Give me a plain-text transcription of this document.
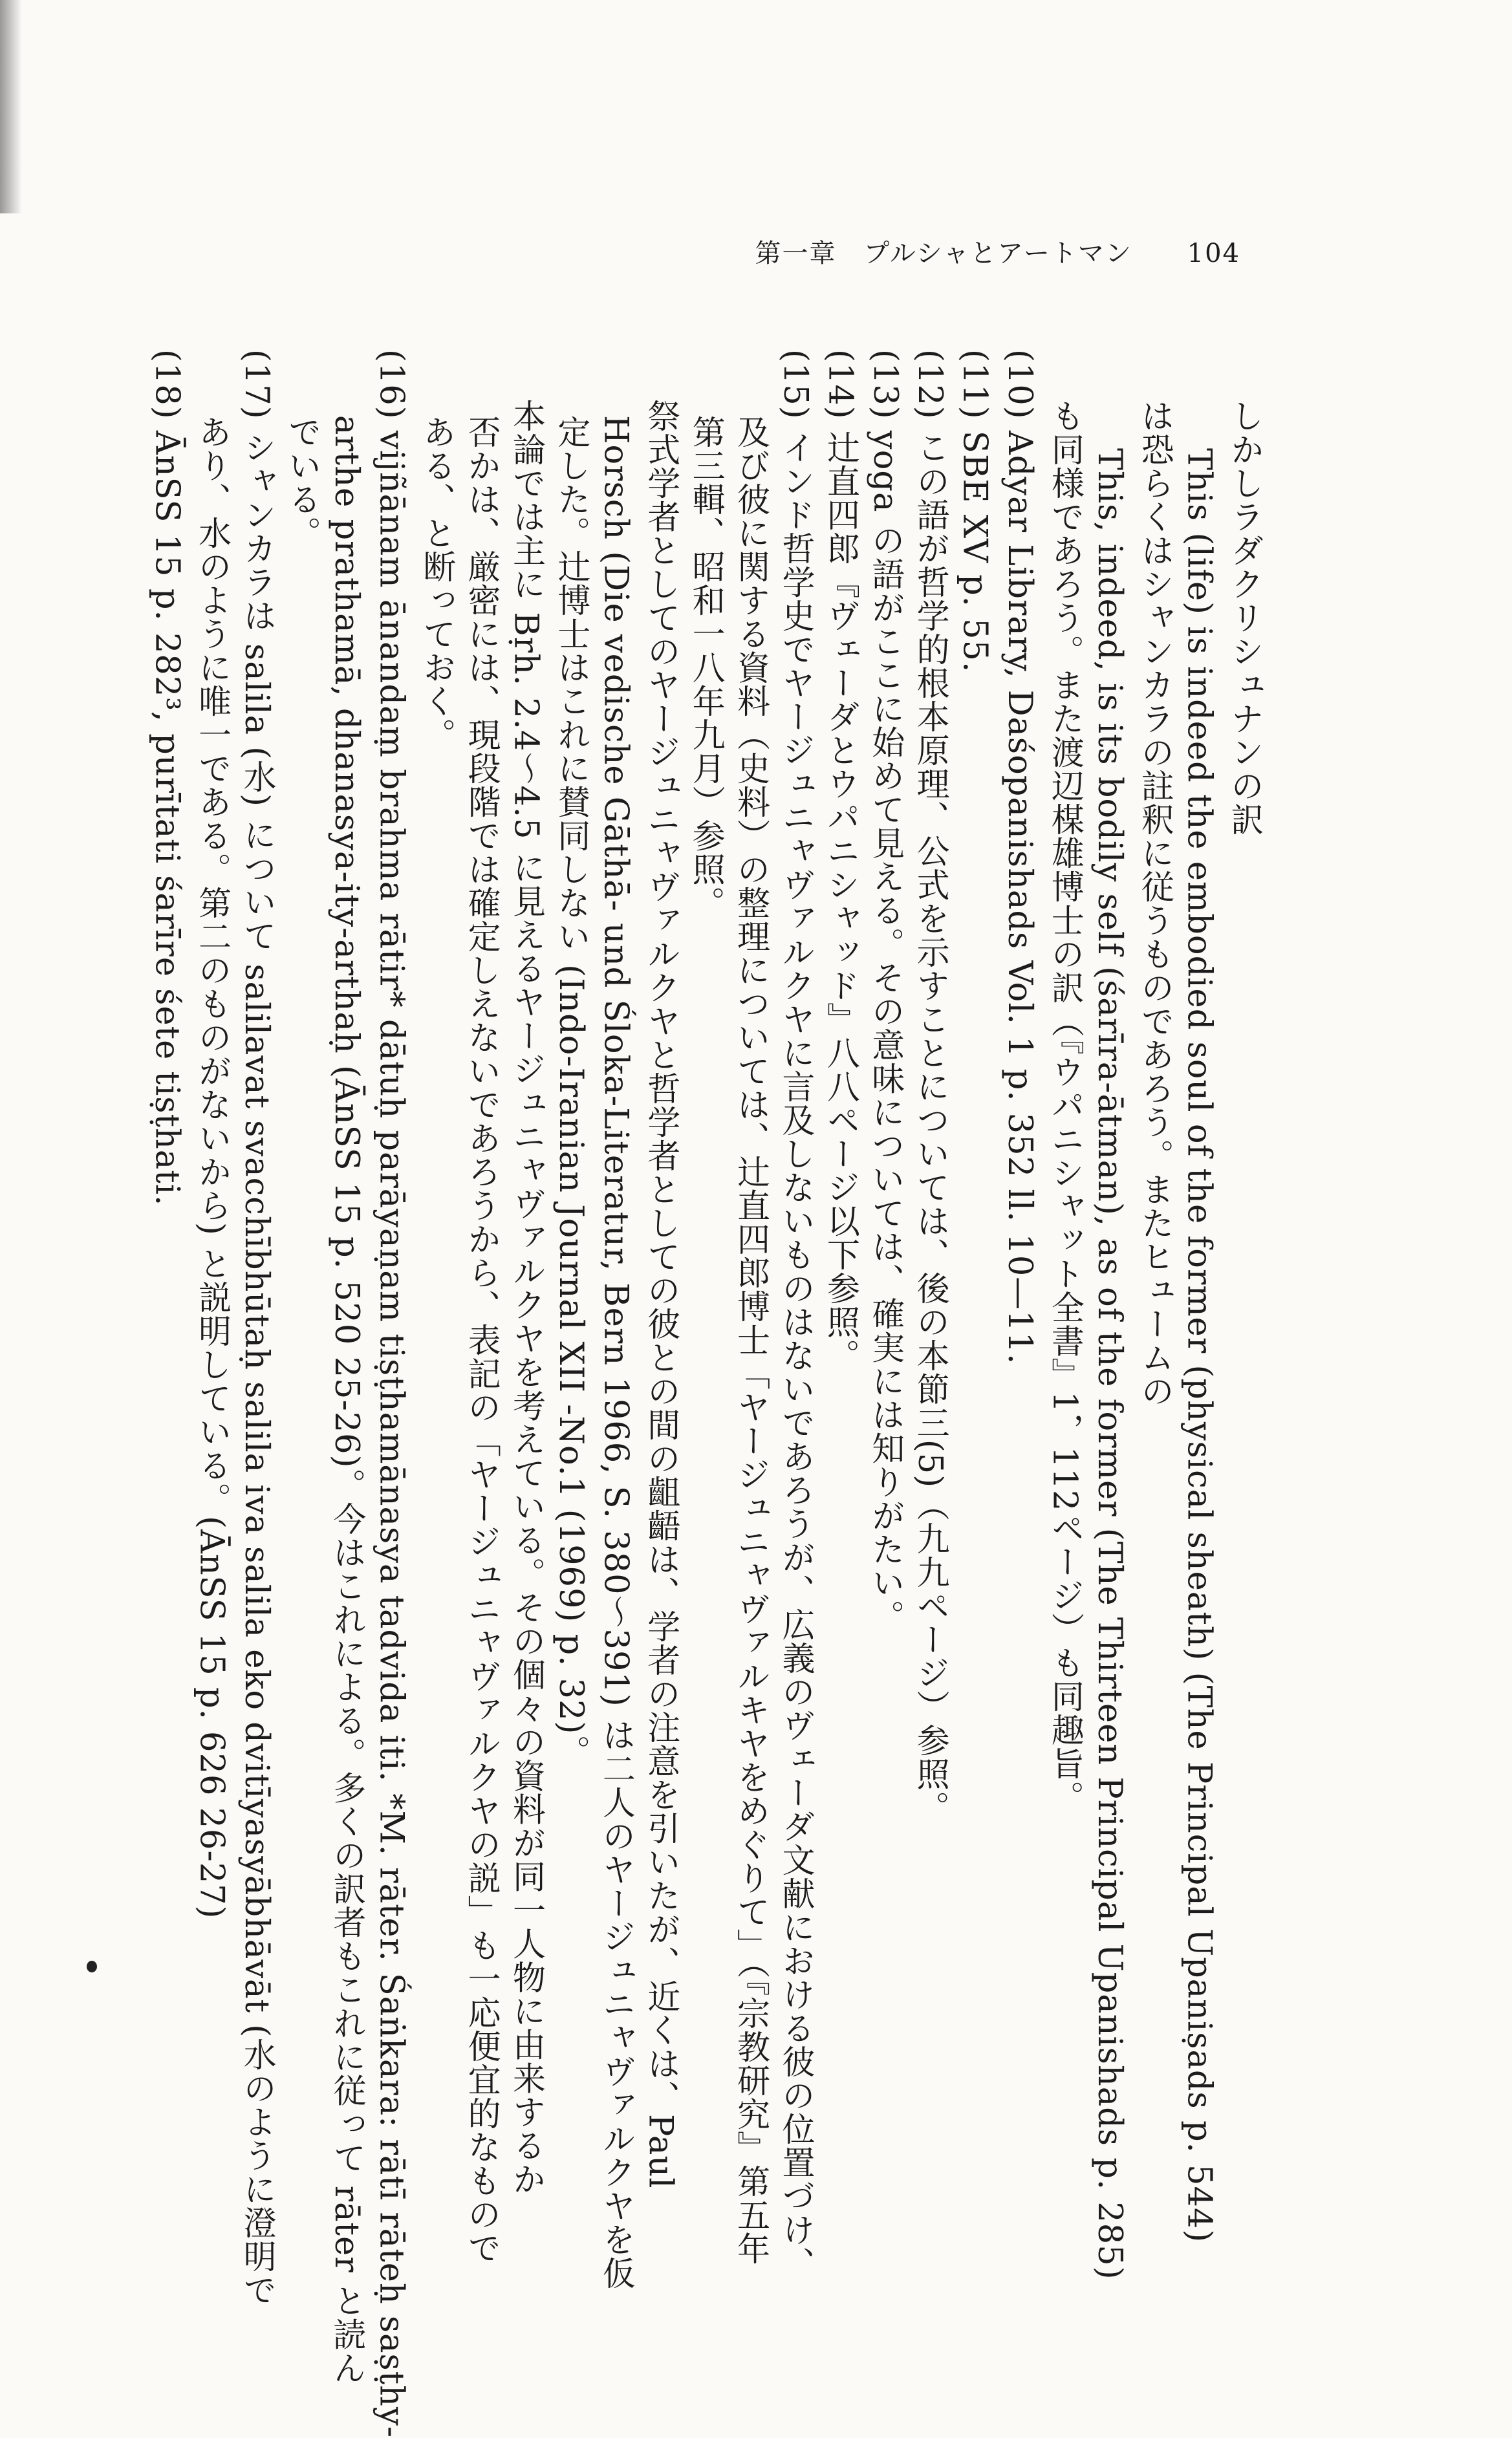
第一章　プルシャとアートマン 104
しかしラダクリシュナンの訳
This (life) is indeed the embodied soul of the former (physical sheath) (The Principal Upaniṣads p. 544)
は恐らくはシャンカラの註釈に従うものであろう。またヒュームの
This, indeed, is its bodily self (śarīra-ātman), as of the former (The Thirteen Principal Upanishads p. 285)
も同様であろう。また渡辺楳雄博士の訳（『ウパニシャット全書』1，112ページ）も同趣旨。
(10) Adyar Library, Daśopanishads Vol. 1 p. 352 ll. 10—11.
(11) SBE XV p. 55.
(12) この語が哲学的根本原理、公式を示すことについては、後の本節三(5)（九九ページ）参照。
(13) yoga の語がここに始めて見える。その意味については、確実には知りがたい。
(14) 辻直四郎『ヴェーダとウパニシャッド』八八ページ以下参照。
(15) インド哲学史でヤージュニャヴァルクヤに言及しないものはないであろうが、広義のヴェーダ文献における彼の位置づけ、
及び彼に関する資料（史料）の整理については、辻直四郎博士「ヤージュニャヴァルキヤをめぐりて」（『宗教研究』第五年
第三輯、昭和一八年九月）参照。
祭式学者としてのヤージュニャヴァルクヤと哲学者としての彼との間の齟齬は、学者の注意を引いたが、近くは、Paul
Horsch (Die vedische Gāthā- und Śloka-Literatur, Bern 1966, S. 380〜391) は二人のヤージュニャヴァルクヤを仮
定した。辻博士はこれに賛同しない (Indo-Iranian Journal XII -No.1 (1969) p. 32)。
本論では主に Bṛh. 2.4〜4.5 に見えるヤージュニャヴァルクヤを考えている。その個々の資料が同一人物に由来するか
否かは、厳密には、現段階では確定しえないであろうから、表記の「ヤージュニャヴァルクヤの説」も一応便宜的なもので
ある、と断っておく。
(16) vijñānam ānandaṃ brahma rātir* dātuḥ parāyaṇam tiṣṭhamānasya tadvida iti. *M. rāter. Śaṅkara: rātī rāteḥ saṣṭhy-
arthe prathamā, dhanasya-ity-arthaḥ (ĀnSS 15 p. 520 25-26)。今はこれによる。多くの訳者もこれに従って rāter と読ん
でいる。
(17) シャンカラは salila (水) について salilavat svacchībhūtaḥ salila iva salila eko dvitīyasyābhāvāt (水のように澄明で
あり、水のように唯一である。第二のものがないから) と説明している。(ĀnSS 15 p. 626 26-27)
(18) ĀnSS 15 p. 282³, purītati śarīre śete tiṣṭhati.
